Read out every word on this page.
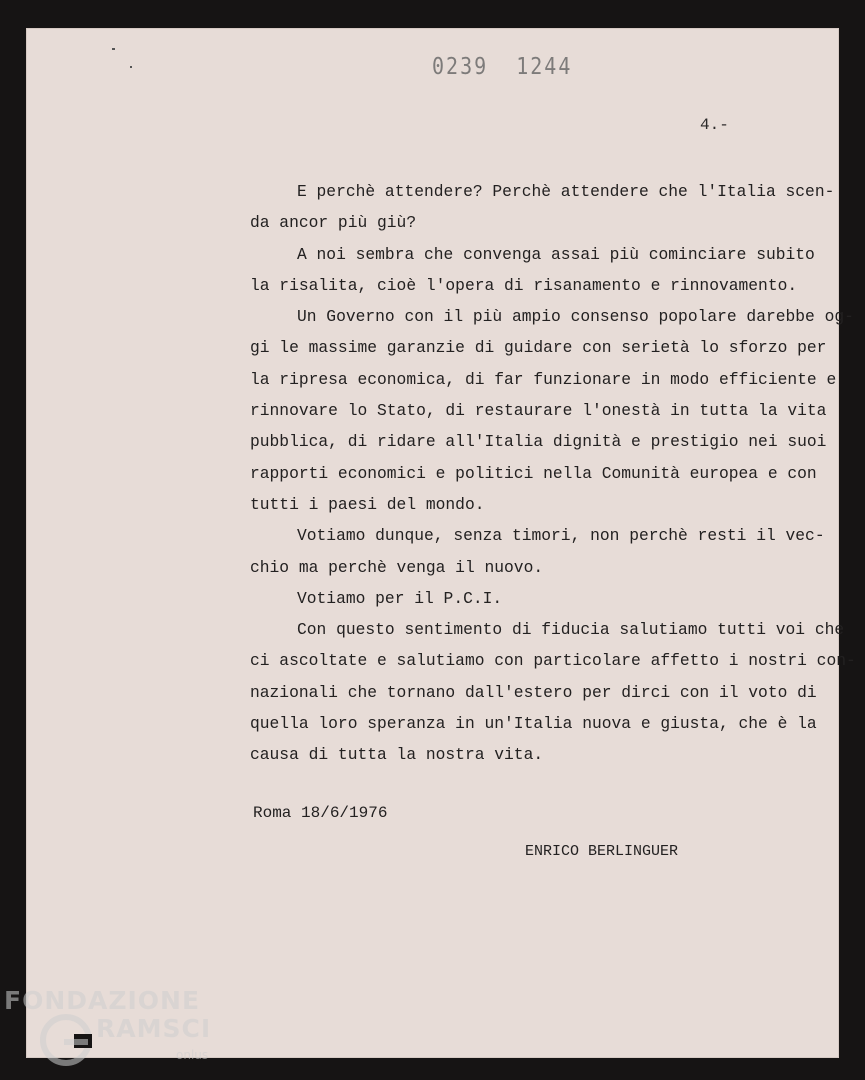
0239 1244
4.-
E perchè attendere? Perchè attendere che l'Italia scen-
da ancor più giù?
A noi sembra che convenga assai più cominciare subito
la risalita, cioè l'opera di risanamento e rinnovamento.
Un Governo con il più ampio consenso popolare darebbe og-
gi le massime garanzie di guidare con serietà lo sforzo per
la ripresa economica, di far funzionare in modo efficiente e
rinnovare lo Stato, di restaurare l'onestà in tutta la vita
pubblica, di ridare all'Italia dignità e prestigio nei suoi
rapporti economici e politici nella Comunità europea e con
tutti i paesi del mondo.
Votiamo dunque, senza timori, non perchè resti il vec-
chio ma perchè venga il nuovo.
Votiamo per il P.C.I.
Con questo sentimento di fiducia salutiamo tutti voi che
ci ascoltate e salutiamo con particolare affetto i nostri con-
nazionali che tornano dall'estero per dirci con il voto di
quella loro speranza in un'Italia nuova e giusta, che è la
causa di tutta la nostra vita.
Roma 18/6/1976
ENRICO BERLINGUER
FONDAZIONE
RAMSCI
onlus
